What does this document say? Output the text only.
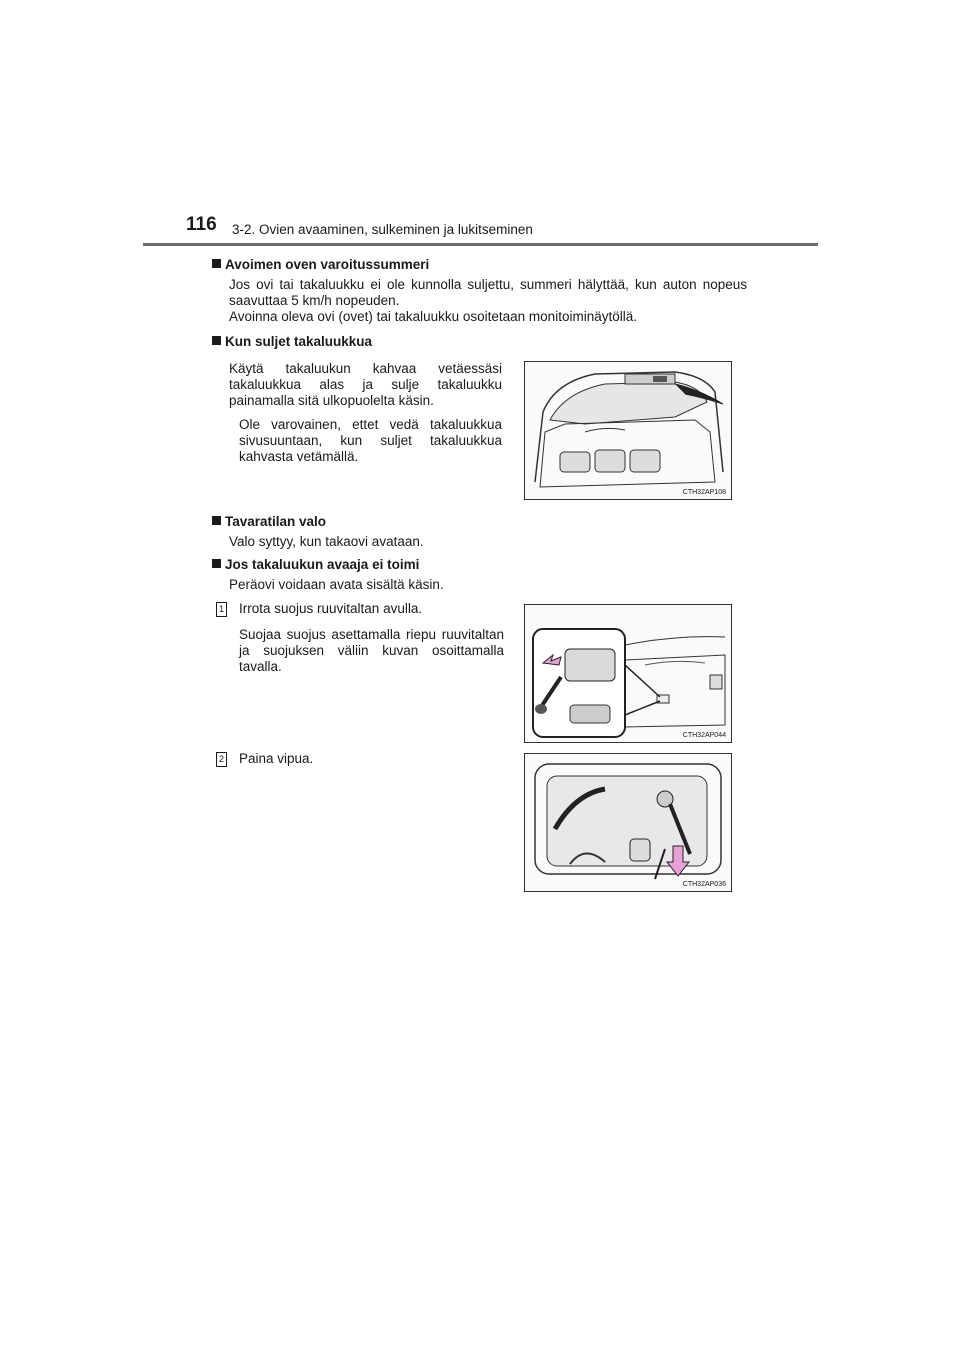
116 3-2. Ovien avaaminen, sulkeminen ja lukitseminen
Avoimen oven varoitussummeri
Jos ovi tai takaluukku ei ole kunnolla suljettu, summeri hälyttää, kun auton nopeus saavuttaa 5 km/h nopeuden.
Avoinna oleva ovi (ovet) tai takaluukku osoitetaan monitoiminäytöllä.
Kun suljet takaluukkua
Käytä takaluukun kahvaa vetäessäsi takaluukkua alas ja sulje takaluukku painamalla sitä ulkopuolelta käsin.
Ole varovainen, ettet vedä takaluukkua sivusuuntaan, kun suljet takaluukkua kahvasta vetämällä.
CTH32AP108
Tavaratilan valo
Valo syttyy, kun takaovi avataan.
Jos takaluukun avaaja ei toimi
Peräovi voidaan avata sisältä käsin.
1 Irrota suojus ruuvitaltan avulla.
Suojaa suojus asettamalla riepu ruuvitaltan ja suojuksen väliin kuvan osoittamalla tavalla.
CTH32AP044
2 Paina vipua.
CTH32AP036
